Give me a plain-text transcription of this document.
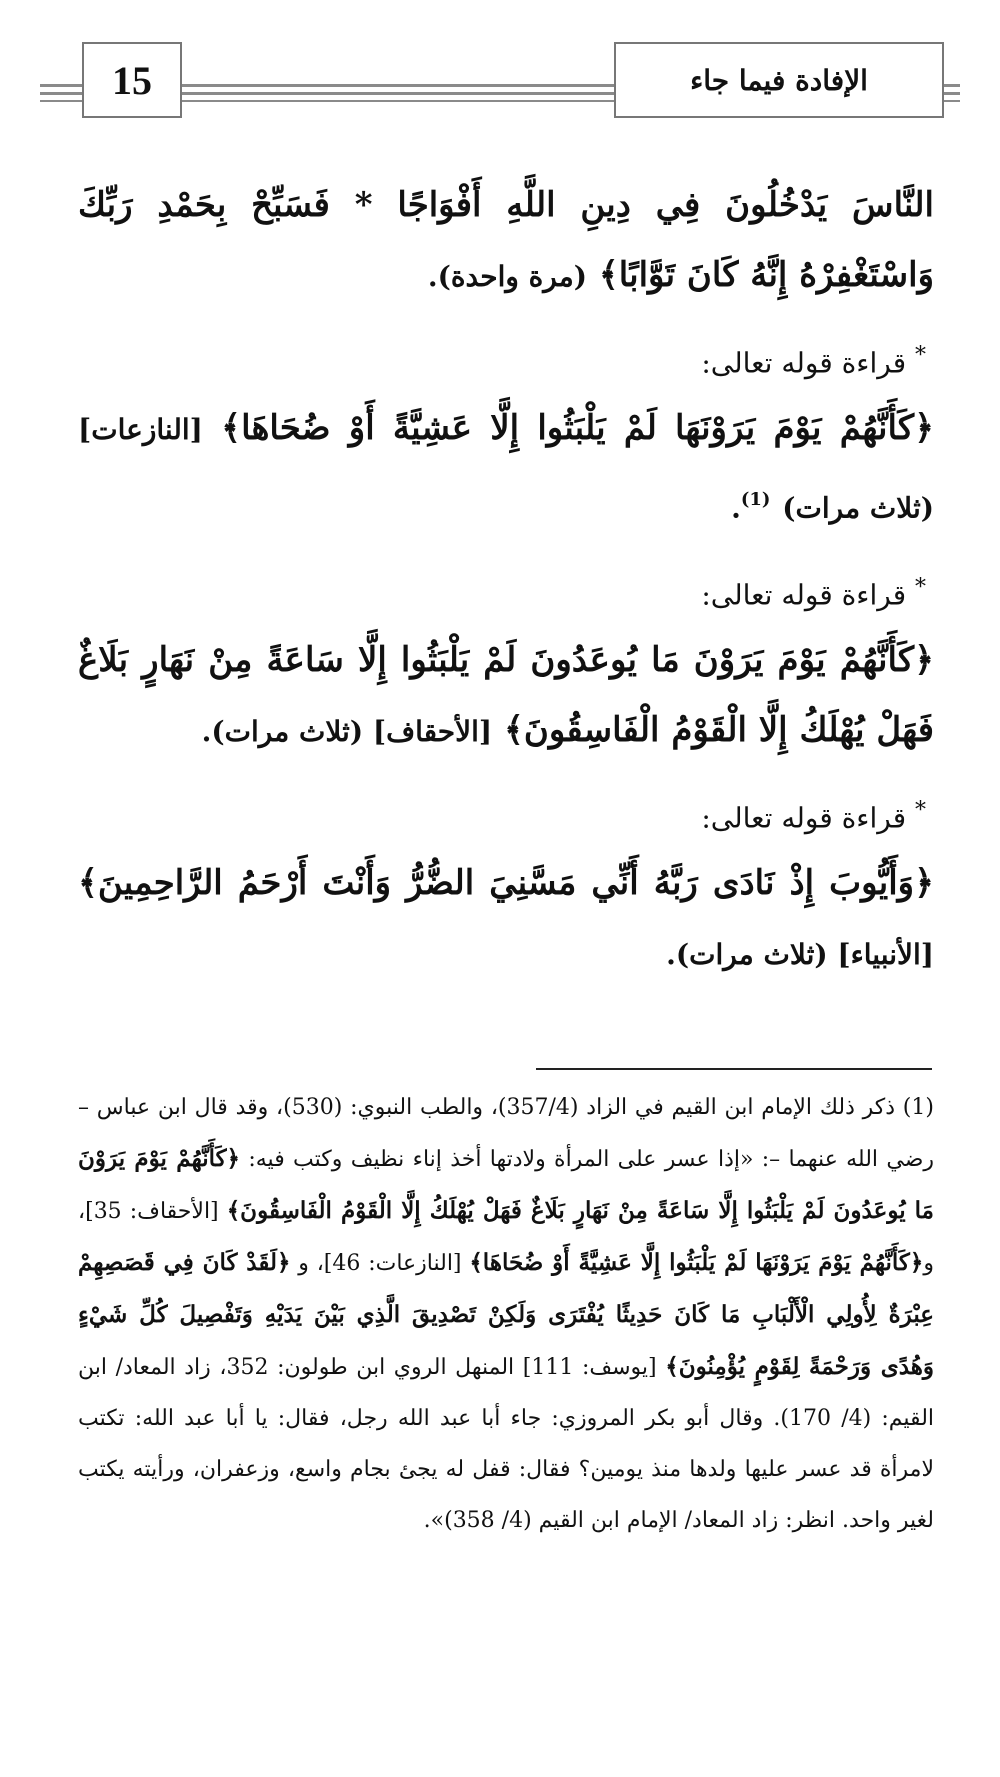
15	الإفادة فيما جاء

النَّاسَ يَدْخُلُونَ فِي دِينِ اللَّهِ أَفْوَاجًا * فَسَبِّحْ بِحَمْدِ رَبِّكَ وَاسْتَغْفِرْهُ إِنَّهُ كَانَ تَوَّابًا﴾ (مرة واحدة).

* قراءة قوله تعالى:

﴿كَأَنَّهُمْ يَوْمَ يَرَوْنَهَا لَمْ يَلْبَثُوا إِلَّا عَشِيَّةً أَوْ ضُحَاهَا﴾ [النازعات] (ثلاث مرات) $^{(1)}$.

* قراءة قوله تعالى:

﴿كَأَنَّهُمْ يَوْمَ يَرَوْنَ مَا يُوعَدُونَ لَمْ يَلْبَثُوا إِلَّا سَاعَةً مِنْ نَهَارٍ بَلَاغٌ فَهَلْ يُهْلَكُ إِلَّا الْقَوْمُ الْفَاسِقُونَ﴾ [الأحقاف] (ثلاث مرات).

* قراءة قوله تعالى:

﴿وَأَيُّوبَ إِذْ نَادَى رَبَّهُ أَنِّي مَسَّنِيَ الضُّرُّ وَأَنْتَ أَرْحَمُ الرَّاحِمِينَ﴾ [الأنبياء] (ثلاث مرات).

(1) ذكر ذلك الإمام ابن القيم في الزاد (357/4)، والطب النبوي: (530)، وقد قال ابن عباس – رضي الله عنهما –: «إذا عسر على المرأة ولادتها أخذ إناء نظيف وكتب فيه: ﴿كَأَنَّهُمْ يَوْمَ يَرَوْنَ مَا يُوعَدُونَ لَمْ يَلْبَثُوا إِلَّا سَاعَةً مِنْ نَهَارٍ بَلَاغٌ فَهَلْ يُهْلَكُ إِلَّا الْقَوْمُ الْفَاسِقُونَ﴾ [الأحقاف: 35]، و﴿كَأَنَّهُمْ يَوْمَ يَرَوْنَهَا لَمْ يَلْبَثُوا إِلَّا عَشِيَّةً أَوْ ضُحَاهَا﴾ [النازعات: 46]، و ﴿لَقَدْ كَانَ فِي قَصَصِهِمْ عِبْرَةٌ لِأُولِي الْأَلْبَابِ مَا كَانَ حَدِيثًا يُفْتَرَى وَلَكِنْ تَصْدِيقَ الَّذِي بَيْنَ يَدَيْهِ وَتَفْصِيلَ كُلِّ شَيْءٍ وَهُدًى وَرَحْمَةً لِقَوْمٍ يُؤْمِنُونَ﴾ [يوسف: 111] المنهل الروي ابن طولون: 352، زاد المعاد/ ابن القيم: (4/ 170). وقال أبو بكر المروزي: جاء أبا عبد الله رجل، فقال: يا أبا عبد الله: تكتب لامرأة قد عسر عليها ولدها منذ يومين؟ فقال: قفل له يجئ بجام واسع، وزعفران، ورأيته يكتب لغير واحد. انظر: زاد المعاد/ الإمام ابن القيم (4/ 358)».
